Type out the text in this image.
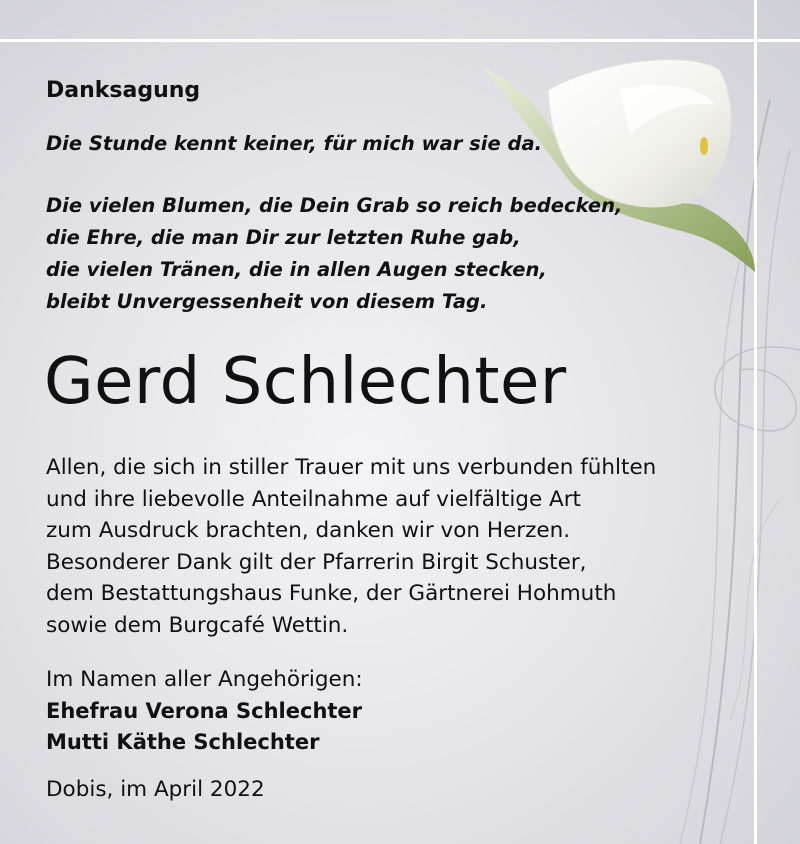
Danksagung

Die Stunde kennt keiner, für mich war sie da.

Die vielen Blumen, die Dein Grab so reich bedecken,
die Ehre, die man Dir zur letzten Ruhe gab,
die vielen Tränen, die in allen Augen stecken,
bleibt Unvergessenheit von diesem Tag.
Gerd Schlechter
Allen, die sich in stiller Trauer mit uns verbunden fühlten
und ihre liebevolle Anteilnahme auf vielfältige Art
zum Ausdruck brachten, danken wir von Herzen.
Besonderer Dank gilt der Pfarrerin Birgit Schuster,
dem Bestattungshaus Funke, der Gärtnerei Hohmuth
sowie dem Burgcafé Wettin.
Im Namen aller Angehörigen:
Ehefrau Verona Schlechter
Mutti Käthe Schlechter
Dobis, im April 2022
